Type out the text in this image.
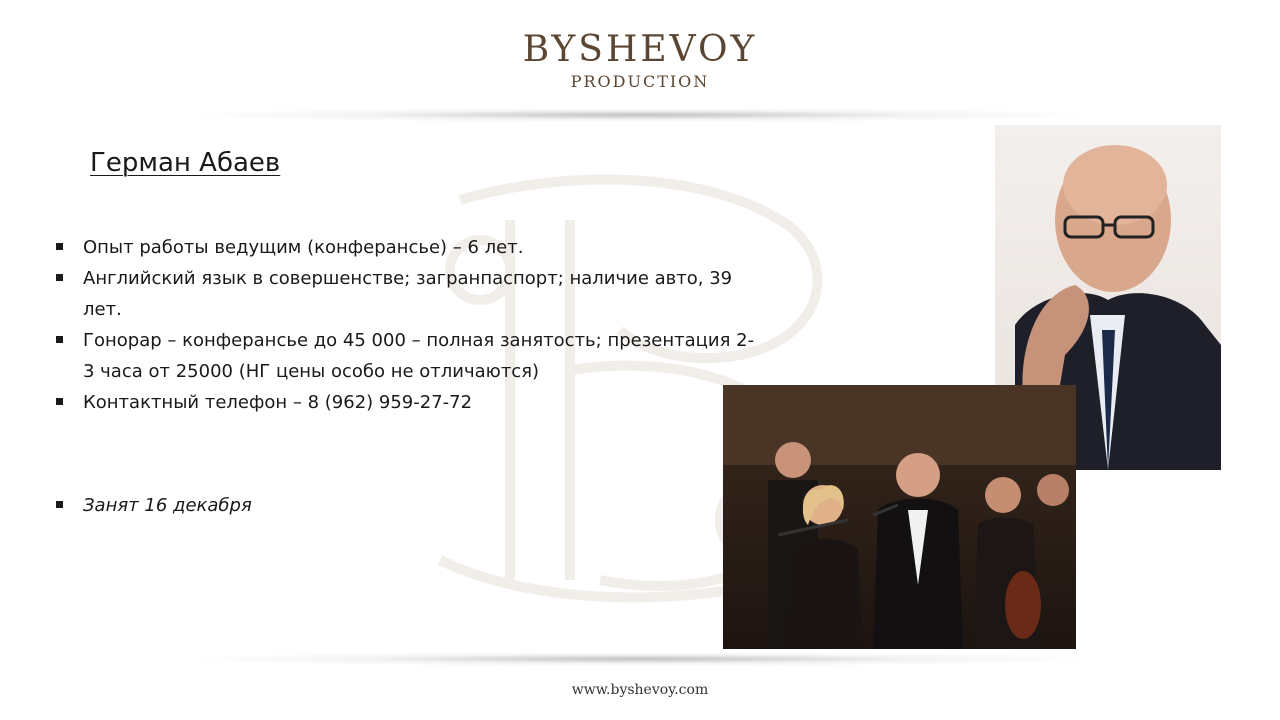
BYSHEVOY
PRODUCTION
Герман Абаев
Опыт работы ведущим (конферансье) – 6 лет.
Английский язык в совершенстве; загранпаспорт; наличие авто, 39 лет.
Гонорар – конферансье до 45 000 – полная занятость; презентация 2-3 часа от 25000 (НГ цены особо не отличаются)
Контактный телефон – 8 (962) 959-27-72
Занят 16 декабря
www.byshevoy.com
